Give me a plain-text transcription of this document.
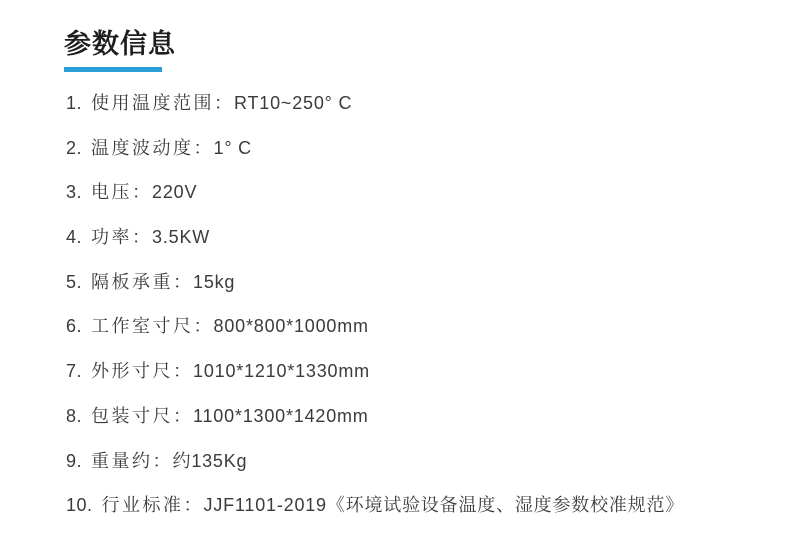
参数信息
1. 使用温度范围： RT10~250° C
2. 温度波动度： 1° C
3. 电压： 220V
4. 功率： 3.5KW
5. 隔板承重： 15kg
6. 工作室寸尺： 800*800*1000mm
7. 外形寸尺： 1010*1210*1330mm
8. 包装寸尺： 1100*1300*1420mm
9. 重量约： 约135Kg
10. 行业标准： JJF1101-2019《环境试验设备温度、湿度参数校准规范》
